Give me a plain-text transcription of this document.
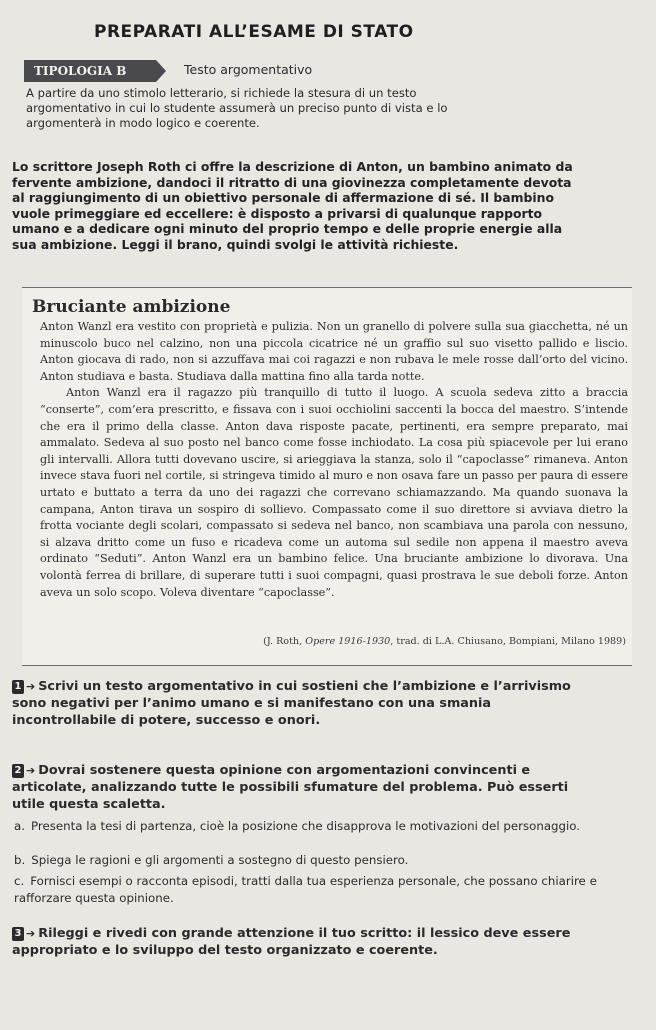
PREPARATI ALL’ESAME DI STATO
TIPOLOGIA B	Testo argomentativo

A partire da uno stimolo letterario, si richiede la stesura di un testo argomentativo in cui lo studente assumerà un preciso punto di vista e lo argomenterà in modo logico e coerente.

Lo scrittore Joseph Roth ci offre la descrizione di Anton, un bambino animato da fervente ambizione, dandoci il ritratto di una giovinezza completamente devota al raggiungimento di un obiettivo personale di affermazione di sé. Il bambino vuole primeggiare ed eccellere: è disposto a privarsi di qualunque rapporto umano e a dedicare ogni minuto del proprio tempo e delle proprie energie alla sua ambizione. Leggi il brano, quindi svolgi le attività richieste.

Bruciante ambizione

Anton Wanzl era vestito con proprietà e pulizia. Non un granello di polvere sulla sua giacchetta, né un minuscolo buco nel calzino, non una piccola cicatrice né un graffio sul suo visetto pallido e liscio. Anton giocava di rado, non si azzuffava mai coi ragazzi e non rubava le mele rosse dall’orto del vicino. Anton studiava e basta. Studiava dalla mattina fino alla tarda notte.
Anton Wanzl era il ragazzo più tranquillo di tutto il luogo. A scuola sedeva zitto a braccia “conserte”, com’era prescritto, e fissava con i suoi occhiolini saccenti la bocca del maestro. S’intende che era il primo della classe. Anton dava risposte pacate, pertinenti, era sempre preparato, mai ammalato. Sedeva al suo posto nel banco come fosse inchiodato. La cosa più spiacevole per lui erano gli intervalli. Allora tutti dovevano uscire, si arieggiava la stanza, solo il “capoclasse” rimaneva. Anton invece stava fuori nel cortile, si stringeva timido al muro e non osava fare un passo per paura di essere urtato e buttato a terra da uno dei ragazzi che correvano schiamazzando. Ma quando suonava la campana, Anton tirava un sospiro di sollievo. Compassato come il suo direttore si avviava dietro la frotta vociante degli scolari, compassato si sedeva nel banco, non scambiava una parola con nessuno, si alzava dritto come un fuso e ricadeva come un automa sul sedile non appena il maestro aveva ordinato “Seduti”. Anton Wanzl era un bambino felice. Una bruciante ambizione lo divorava. Una volontà ferrea di brillare, di superare tutti i suoi compagni, quasi prostrava le sue deboli forze. Anton aveva un solo scopo. Voleva diventare “capoclasse”.

(J. Roth, Opere 1916-1930, trad. di L.A. Chiusano, Bompiani, Milano 1989)

1 ➔ Scrivi un testo argomentativo in cui sostieni che l’ambizione e l’arrivismo sono negativi per l’animo umano e si manifestano con una smania incontrollabile di potere, successo e onori.

2 ➔ Dovrai sostenere questa opinione con argomentazioni convincenti e articolate, analizzando tutte le possibili sfumature del problema. Può esserti utile questa scaletta.

a. Presenta la tesi di partenza, cioè la posizione che disapprova le motivazioni del personaggio.

b. Spiega le ragioni e gli argomenti a sostegno di questo pensiero.

c. Fornisci esempi o racconta episodi, tratti dalla tua esperienza personale, che possano chiarire e rafforzare questa opinione.

3 ➔ Rileggi e rivedi con grande attenzione il tuo scritto: il lessico deve essere appropriato e lo sviluppo del testo organizzato e coerente.
